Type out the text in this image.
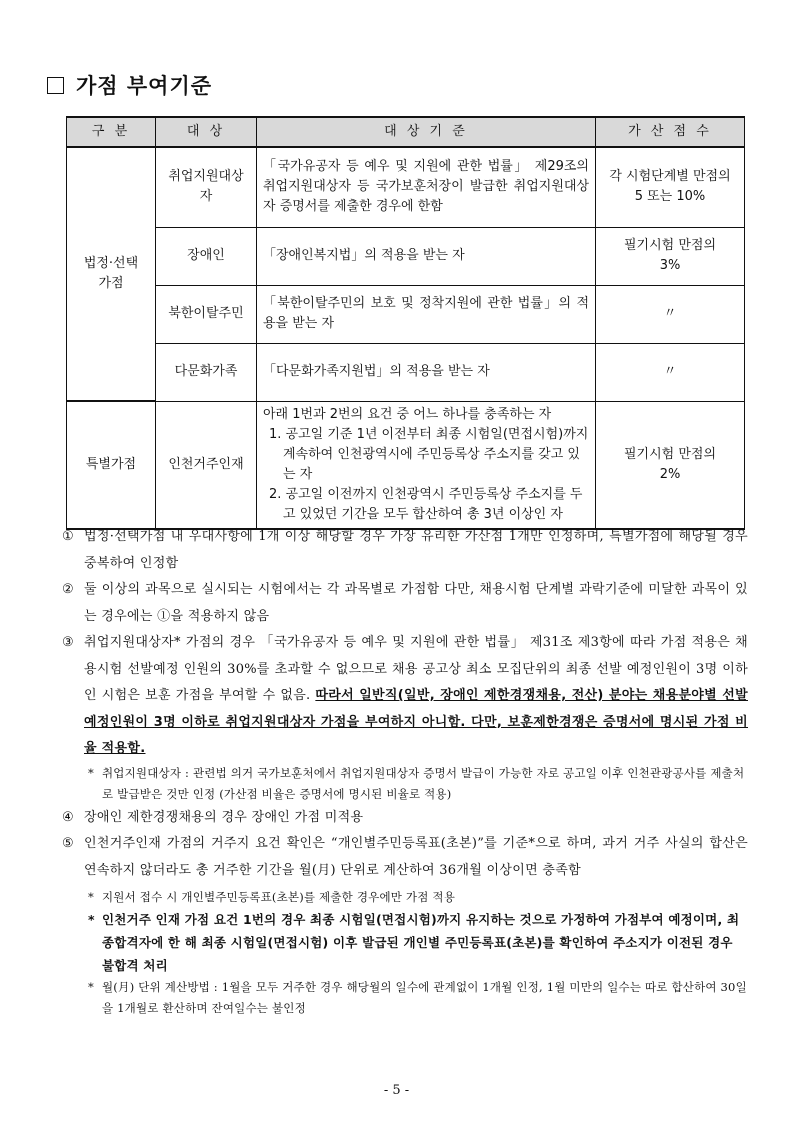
가점 부여기준
구 분	대 상	대 상 기 준	가 산 점 수
법정·선택가점	취업지원대상자	「국가유공자 등 예우 및 지원에 관한 법률」 제29조의 취업지원대상자 등 국가보훈처장이 발급한 취업지원대상자 증명서를 제출한 경우에 한함	각 시험단계별 만점의 5 또는 10%
	장애인	「장애인복지법」의 적용을 받는 자	필기시험 만점의 3%
	북한이탈주민	「북한이탈주민의 보호 및 정착지원에 관한 법률」의 적용을 받는 자	〃
	다문화가족	「다문화가족지원법」의 적용을 받는 자	〃
특별가점	인천거주인재	아래 1번과 2번의 요건 중 어느 하나를 충족하는 자
1. 공고일 기준 1년 이전부터 최종 시험일(면접시험)까지 계속하여 인천광역시에 주민등록상 주소지를 갖고 있는 자
2. 공고일 이전까지 인천광역시 주민등록상 주소지를 두고 있었던 기간을 모두 합산하여 총 3년 이상인 자	필기시험 만점의 2%
① 법정·선택가점 내 우대사항에 1개 이상 해당할 경우 가장 유리한 가산점 1개만 인정하며, 특별가점에 해당될 경우 중복하여 인정함
② 둘 이상의 과목으로 실시되는 시험에서는 각 과목별로 가점함 다만, 채용시험 단계별 과락기준에 미달한 과목이 있는 경우에는 ①을 적용하지 않음
③ 취업지원대상자* 가점의 경우 「국가유공자 등 예우 및 지원에 관한 법률」 제31조 제3항에 따라 가점 적용은 채용시험 선발예정 인원의 30%를 초과할 수 없으므로 채용 공고상 최소 모집단위의 최종 선발 예정인원이 3명 이하인 시험은 보훈 가점을 부여할 수 없음. 따라서 일반직(일반, 장애인 제한경쟁채용, 전산) 분야는 채용분야별 선발 예정인원이 3명 이하로 취업지원대상자 가점을 부여하지 아니함. 다만, 보훈제한경쟁은 증명서에 명시된 가점 비율 적용함.
* 취업지원대상자 : 관련법 의거 국가보훈처에서 취업지원대상자 증명서 발급이 가능한 자로 공고일 이후 인천관광공사를 제출처로 발급받은 것만 인정 (가산점 비율은 증명서에 명시된 비율로 적용)
④ 장애인 제한경쟁채용의 경우 장애인 가점 미적용
⑤ 인천거주인재 가점의 거주지 요건 확인은 “개인별주민등록표(초본)”를 기준*으로 하며, 과거 거주 사실의 합산은 연속하지 않더라도 총 거주한 기간을 월(月) 단위로 계산하여 36개월 이상이면 충족함
* 지원서 접수 시 개인별주민등록표(초본)를 제출한 경우에만 가점 적용
* 인천거주 인재 가점 요건 1번의 경우 최종 시험일(면접시험)까지 유지하는 것으로 가정하여 가점부여 예정이며, 최종합격자에 한 해 최종 시험일(면접시험) 이후 발급된 개인별 주민등록표(초본)를 확인하여 주소지가 이전된 경우 불합격 처리
* 월(月) 단위 계산방법 : 1월을 모두 거주한 경우 해당월의 일수에 관계없이 1개월 인정, 1월 미만의 일수는 따로 합산하여 30일을 1개월로 환산하며 잔여일수는 불인정
- 5 -
